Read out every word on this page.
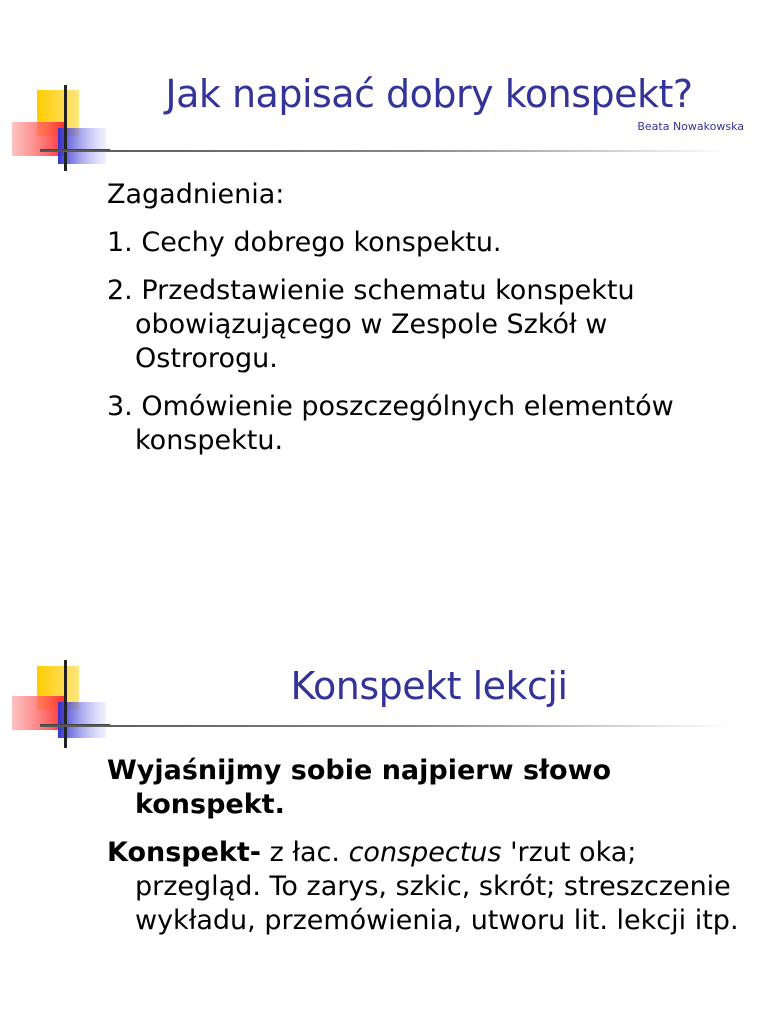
Jak napisać dobry konspekt?
Beata Nowakowska

Zagadnienia:

1. Cechy dobrego konspektu.

2. Przedstawienie schematu konspektu obowiązującego w Zespole Szkół w Ostrorogu.

3. Omówienie poszczególnych elementów konspektu.

Konspekt lekcji

Wyjaśnijmy sobie najpierw słowo konspekt.

Konspekt- z łac. conspectus 'rzut oka; przegląd. To zarys, szkic, skrót; streszczenie wykładu, przemówienia, utworu lit. lekcji itp.
